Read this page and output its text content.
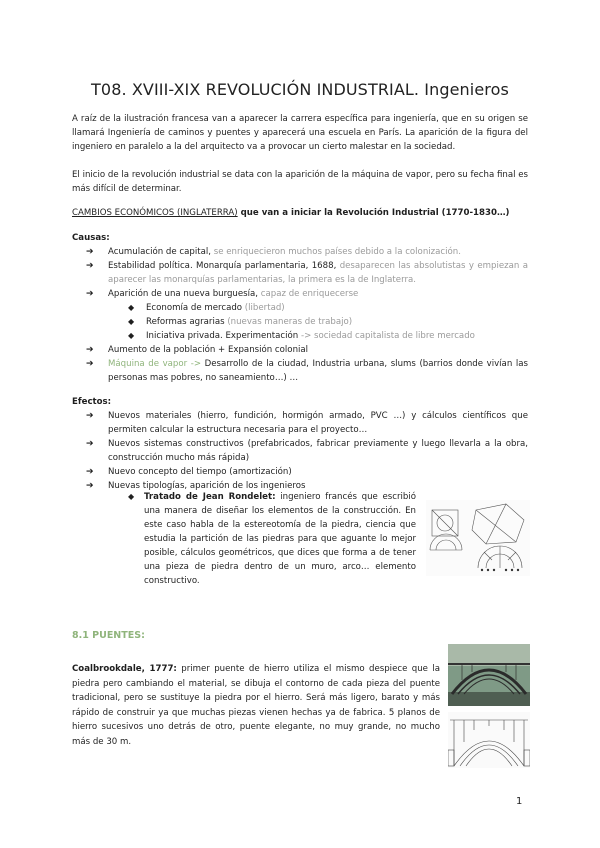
T08. XVIII-XIX REVOLUCIÓN INDUSTRIAL. Ingenieros
A raíz de la ilustración francesa van a aparecer la carrera específica para ingeniería, que en su origen se llamará Ingeniería de caminos y puentes y aparecerá una escuela en París. La aparición de la figura del ingeniero en paralelo a la del arquitecto va a provocar un cierto malestar en la sociedad.
El inicio de la revolución industrial se data con la aparición de la máquina de vapor, pero su fecha final es más difícil de determinar.
CAMBIOS ECONÓMICOS (INGLATERRA) que van a iniciar la Revolución Industrial (1770-1830…)
Causas:
➔ Acumulación de capital, se enriquecieron muchos países debido a la colonización.
➔ Estabilidad política. Monarquía parlamentaria, 1688, desaparecen las absolutistas y empiezan a aparecer las monarquías parlamentarias, la primera es la de Inglaterra.
➔ Aparición de una nueva burguesía, capaz de enriquecerse
◆ Economía de mercado (libertad)
◆ Reformas agrarias (nuevas maneras de trabajo)
◆ Iniciativa privada. Experimentación -> sociedad capitalista de libre mercado
➔ Aumento de la población + Expansión colonial
➔ Máquina de vapor -> Desarrollo de la ciudad, Industria urbana, slums (barrios donde vivían las personas mas pobres, no saneamiento…) …
Efectos:
➔ Nuevos materiales (hierro, fundición, hormigón armado, PVC …) y cálculos científicos que permiten calcular la estructura necesaria para el proyecto…
➔ Nuevos sistemas constructivos (prefabricados, fabricar previamente y luego llevarla a la obra, construcción mucho más rápida)
➔ Nuevo concepto del tiempo (amortización)
➔ Nuevas tipologías, aparición de los ingenieros
◆ Tratado de Jean Rondelet: ingeniero francés que escribió una manera de diseñar los elementos de la construcción. En este caso habla de la estereotomía de la piedra, ciencia que estudia la partición de las piedras para que aguante lo mejor posible, cálculos geométricos, que dices que forma a de tener una pieza de piedra dentro de un muro, arco… elemento constructivo.
8.1 PUENTES:
Coalbrookdale, 1777: primer puente de hierro utiliza el mismo despiece que la piedra pero cambiando el material, se dibuja el contorno de cada pieza del puente tradicional, pero se sustituye la piedra por el hierro. Será más ligero, barato y más rápido de construir ya que muchas piezas vienen hechas ya de fabrica. 5 planos de hierro sucesivos uno detrás de otro, puente elegante, no muy grande, no mucho más de 30 m.
1
